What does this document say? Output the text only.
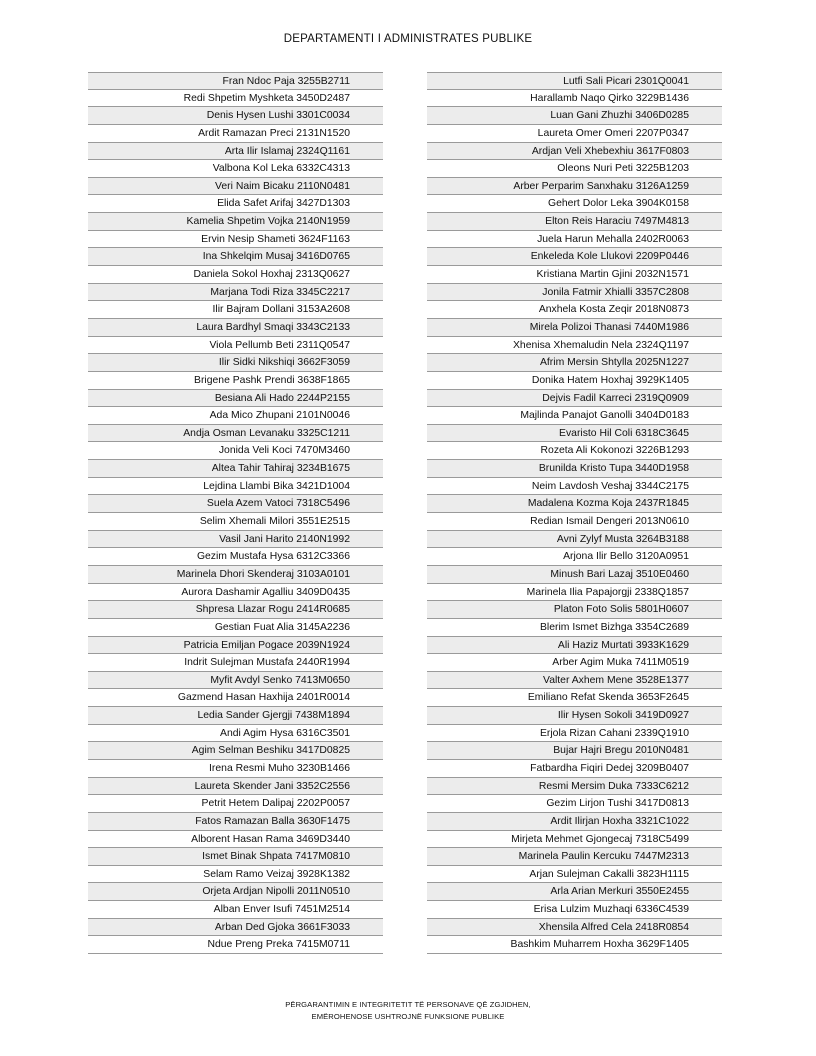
DEPARTAMENTI I ADMINISTRATES PUBLIKE
Fran Ndoc Paja 3255B2711
Redi Shpetim Myshketa 3450D2487
Denis Hysen Lushi 3301C0034
Ardit Ramazan Preci 2131N1520
Arta Ilir Islamaj 2324Q1161
Valbona Kol Leka 6332C4313
Veri Naim Bicaku 2110N0481
Elida Safet Arifaj 3427D1303
Kamelia Shpetim Vojka 2140N1959
Ervin Nesip Shameti 3624F1163
Ina Shkelqim Musaj 3416D0765
Daniela Sokol Hoxhaj 2313Q0627
Marjana Todi Riza 3345C2217
Ilir Bajram Dollani 3153A2608
Laura Bardhyl Smaqi 3343C2133
Viola Pellumb Beti 2311Q0547
Ilir Sidki Nikshiqi 3662F3059
Brigene Pashk Prendi 3638F1865
Besiana Ali Hado 2244P2155
Ada Mico Zhupani 2101N0046
Andja Osman Levanaku 3325C1211
Jonida Veli Koci 7470M3460
Altea Tahir Tahiraj 3234B1675
Lejdina Llambi Bika 3421D1004
Suela Azem Vatoci 7318C5496
Selim Xhemali Milori 3551E2515
Vasil Jani Harito 2140N1992
Gezim Mustafa Hysa 6312C3366
Marinela Dhori Skenderaj 3103A0101
Aurora Dashamir Agalliu 3409D0435
Shpresa Llazar Rogu 2414R0685
Gestian Fuat Alia 3145A2236
Patricia Emiljan Pogace 2039N1924
Indrit Sulejman Mustafa 2440R1994
Myfit Avdyl Senko 7413M0650
Gazmend Hasan Haxhija 2401R0014
Ledia Sander Gjergji 7438M1894
Andi Agim Hysa 6316C3501
Agim Selman Beshiku 3417D0825
Irena Resmi Muho 3230B1466
Laureta Skender Jani 3352C2556
Petrit Hetem Dalipaj 2202P0057
Fatos Ramazan Balla 3630F1475
Alborent Hasan Rama 3469D3440
Ismet Binak Shpata 7417M0810
Selam Ramo Veizaj 3928K1382
Orjeta Ardjan Nipolli 2011N0510
Alban Enver Isufi 7451M2514
Arban Ded Gjoka 3661F3033
Ndue Preng Preka 7415M0711
Lutfi Sali Picari 2301Q0041
Harallamb Naqo Qirko 3229B1436
Luan Gani Zhuzhi 3406D0285
Laureta Omer Omeri 2207P0347
Ardjan Veli Xhebexhiu 3617F0803
Oleons Nuri Peti 3225B1203
Arber Perparim Sanxhaku 3126A1259
Gehert Dolor Leka 3904K0158
Elton Reis Haraciu 7497M4813
Juela Harun Mehalla 2402R0063
Enkeleda Kole Llukovi 2209P0446
Kristiana Martin Gjini 2032N1571
Jonila Fatmir Xhialli 3357C2808
Anxhela Kosta Zeqir 2018N0873
Mirela Polizoi Thanasi 7440M1986
Xhenisa Xhemaludin Nela 2324Q1197
Afrim Mersin Shtylla 2025N1227
Donika Hatem Hoxhaj 3929K1405
Dejvis Fadil Karreci 2319Q0909
Majlinda Panajot Ganolli 3404D0183
Evaristo Hil Coli 6318C3645
Rozeta Ali Kokonozi 3226B1293
Brunilda Kristo Tupa 3440D1958
Neim Lavdosh Veshaj 3344C2175
Madalena Kozma Koja 2437R1845
Redian Ismail Dengeri 2013N0610
Avni Zylyf Musta 3264B3188
Arjona Ilir Bello 3120A0951
Minush Bari Lazaj 3510E0460
Marinela Ilia Papajorgji 2338Q1857
Platon Foto Solis 5801H0607
Blerim Ismet Bizhga 3354C2689
Ali Haziz Murtati 3933K1629
Arber Agim Muka 7411M0519
Valter Axhem Mene 3528E1377
Emiliano Refat Skenda 3653F2645
Ilir Hysen Sokoli 3419D0927
Erjola Rizan Cahani 2339Q1910
Bujar Hajri Bregu 2010N0481
Fatbardha Fiqiri Dedej 3209B0407
Resmi Mersim Duka 7333C6212
Gezim Lirjon Tushi 3417D0813
Ardit Ilirjan Hoxha 3321C1022
Mirjeta Mehmet Gjongecaj 7318C5499
Marinela Paulin Kercuku 7447M2313
Arjan Sulejman Cakalli 3823H1115
Arla Arian Merkuri 3550E2455
Erisa Lulzim Muzhaqi 6336C4539
Xhensila Alfred Cela 2418R0854
Bashkim Muharrem Hoxha 3629F1405
PËRGARANTIMIN E INTEGRITETIT TË PERSONAVE QË ZGJIDHEN,
EMËROHENOSE USHTROJNË FUNKSIONE PUBLIKE
